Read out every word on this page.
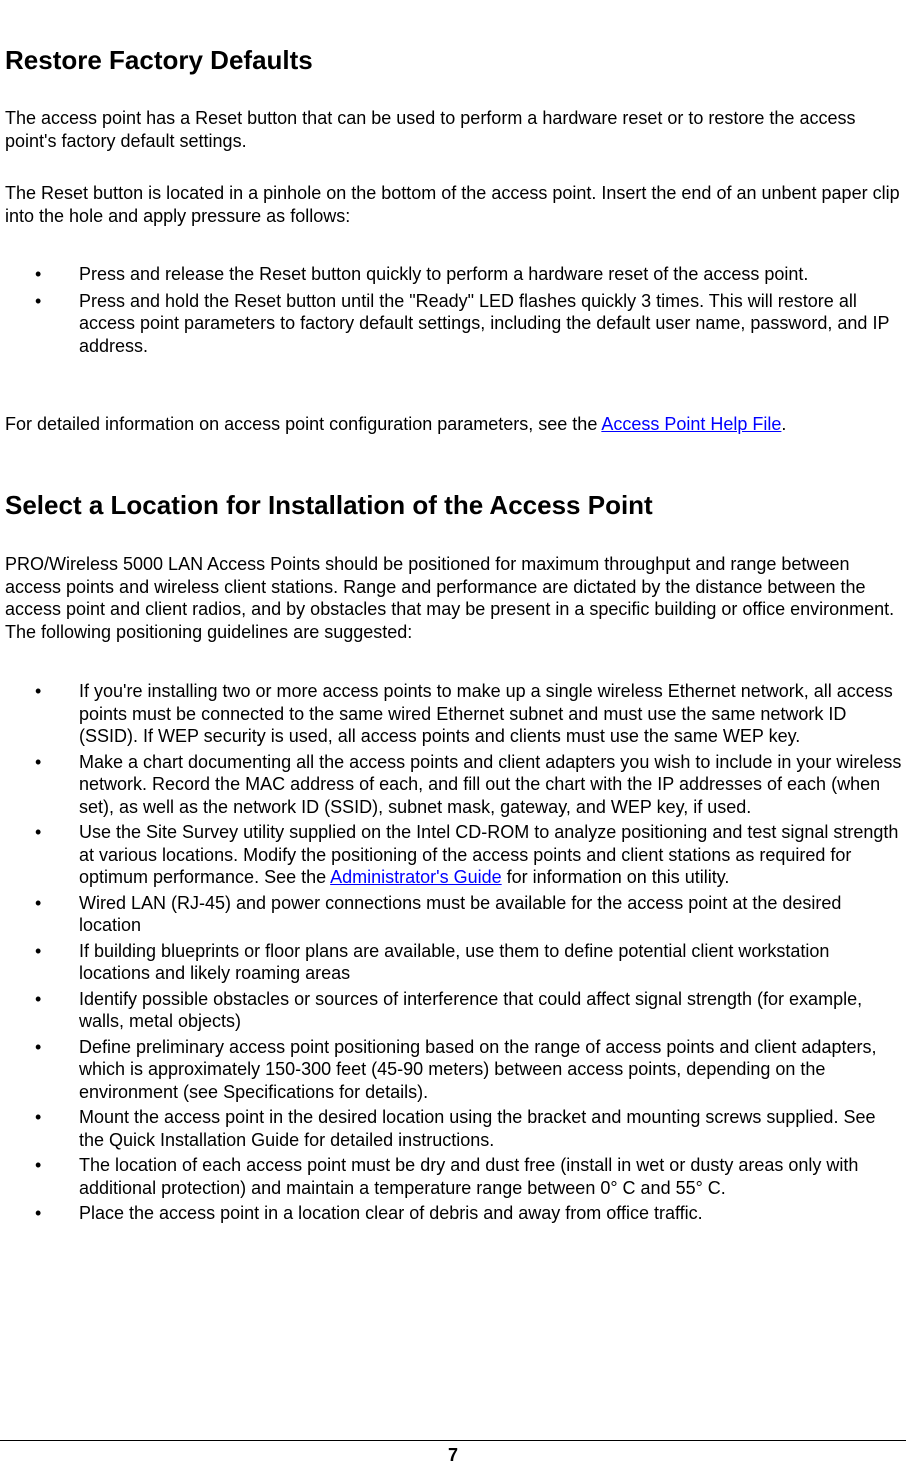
Restore Factory Defaults

The access point has a Reset button that can be used to perform a hardware reset or to restore the access point's factory default settings.

The Reset button is located in a pinhole on the bottom of the access point. Insert the end of an unbent paper clip into the hole and apply pressure as follows:

• Press and release the Reset button quickly to perform a hardware reset of the access point.
• Press and hold the Reset button until the "Ready" LED flashes quickly 3 times. This will restore all access point parameters to factory default settings, including the default user name, password, and IP address.

For detailed information on access point configuration parameters, see the Access Point Help File.

Select a Location for Installation of the Access Point

PRO/Wireless 5000 LAN Access Points should be positioned for maximum throughput and range between access points and wireless client stations. Range and performance are dictated by the distance between the access point and client radios, and by obstacles that may be present in a specific building or office environment. The following positioning guidelines are suggested:

• If you're installing two or more access points to make up a single wireless Ethernet network, all access points must be connected to the same wired Ethernet subnet and must use the same network ID (SSID). If WEP security is used, all access points and clients must use the same WEP key.
• Make a chart documenting all the access points and client adapters you wish to include in your wireless network. Record the MAC address of each, and fill out the chart with the IP addresses of each (when set), as well as the network ID (SSID), subnet mask, gateway, and WEP key, if used.
• Use the Site Survey utility supplied on the Intel CD-ROM to analyze positioning and test signal strength at various locations. Modify the positioning of the access points and client stations as required for optimum performance. See the Administrator's Guide for information on this utility.
• Wired LAN (RJ-45) and power connections must be available for the access point at the desired location
• If building blueprints or floor plans are available, use them to define potential client workstation locations and likely roaming areas
• Identify possible obstacles or sources of interference that could affect signal strength (for example, walls, metal objects)
• Define preliminary access point positioning based on the range of access points and client adapters, which is approximately 150-300 feet (45-90 meters) between access points, depending on the environment (see Specifications for details).
• Mount the access point in the desired location using the bracket and mounting screws supplied. See the Quick Installation Guide for detailed instructions.
• The location of each access point must be dry and dust free (install in wet or dusty areas only with additional protection) and maintain a temperature range between 0° C and 55° C.
• Place the access point in a location clear of debris and away from office traffic.
7
